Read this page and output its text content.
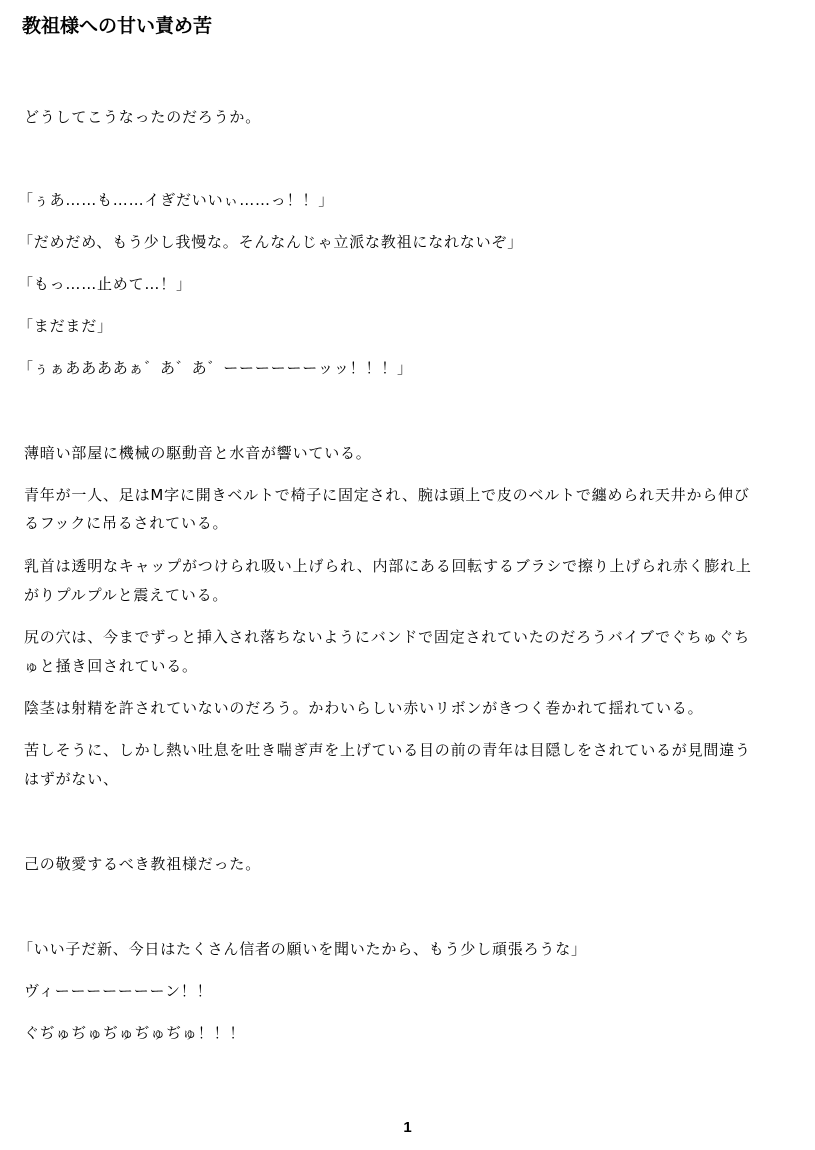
教祖様への甘い責め苦
どうしてこうなったのだろうか。
「ぅあ……も……イぎだいいぃ……っ！！」
「だめだめ、もう少し我慢な。そんなんじゃ立派な教祖になれないぞ」
「もっ……止めて…！」
「まだまだ」
「ぅぁああああぁ゛あ゛あ゛ーーーーーーッッ！！！」
薄暗い部屋に機械の駆動音と水音が響いている。
青年が一人、足はM字に開きベルトで椅子に固定され、腕は頭上で皮のベルトで纏められ天井から伸び
るフックに吊るされている。
乳首は透明なキャップがつけられ吸い上げられ、内部にある回転するブラシで擦り上げられ赤く膨れ上
がりプルプルと震えている。
尻の穴は、今までずっと挿入され落ちないようにバンドで固定されていたのだろうバイブでぐちゅぐち
ゅと掻き回されている。
陰茎は射精を許されていないのだろう。かわいらしい赤いリボンがきつく巻かれて揺れている。
苦しそうに、しかし熱い吐息を吐き喘ぎ声を上げている目の前の青年は目隠しをされているが見間違う
はずがない、
己の敬愛するべき教祖様だった。
「いい子だ新、今日はたくさん信者の願いを聞いたから、もう少し頑張ろうな」
ヴィーーーーーーーン！！
ぐぢゅぢゅぢゅぢゅぢゅ！！！
1
